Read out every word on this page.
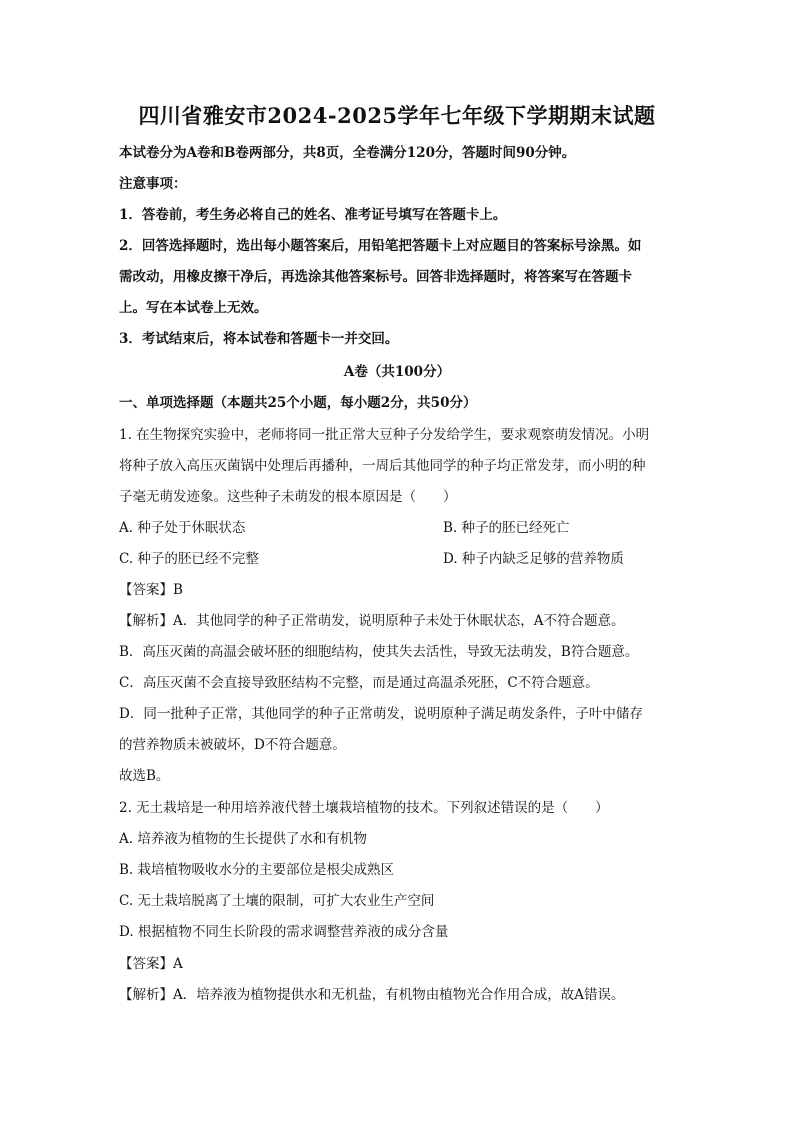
四川省雅安市2024-2025学年七年级下学期期末试题
本试卷分为A卷和B卷两部分，共8页，全卷满分120分，答题时间90分钟。
注意事项：
1．答卷前，考生务必将自己的姓名、准考证号填写在答题卡上。
2．回答选择题时，选出每小题答案后，用铅笔把答题卡上对应题目的答案标号涂黑。如
需改动，用橡皮擦干净后，再选涂其他答案标号。回答非选择题时，将答案写在答题卡
上。写在本试卷上无效。
3．考试结束后，将本试卷和答题卡一并交回。
A卷（共100分）
一、单项选择题（本题共25个小题，每小题2分，共50分）
1. 在生物探究实验中，老师将同一批正常大豆种子分发给学生，要求观察萌发情况。小明
将种子放入高压灭菌锅中处理后再播种，一周后其他同学的种子均正常发芽，而小明的种
子毫无萌发迹象。这些种子未萌发的根本原因是（　　）
A. 种子处于休眠状态	B. 种子的胚已经死亡
C. 种子的胚已经不完整	D. 种子内缺乏足够的营养物质
【答案】B
【解析】A．其他同学的种子正常萌发，说明原种子未处于休眠状态，A不符合题意。
B．高压灭菌的高温会破坏胚的细胞结构，使其失去活性，导致无法萌发，B符合题意。
C．高压灭菌不会直接导致胚结构不完整，而是通过高温杀死胚，C不符合题意。
D．同一批种子正常，其他同学的种子正常萌发，说明原种子满足萌发条件，子叶中储存
的营养物质未被破坏，D不符合题意。
故选B。
2. 无土栽培是一种用培养液代替土壤栽培植物的技术。下列叙述错误的是（　　）
A. 培养液为植物的生长提供了水和有机物
B. 栽培植物吸收水分的主要部位是根尖成熟区
C. 无土栽培脱离了土壤的限制，可扩大农业生产空间
D. 根据植物不同生长阶段的需求调整营养液的成分含量
【答案】A
【解析】A．培养液为植物提供水和无机盐，有机物由植物光合作用合成，故A错误。
